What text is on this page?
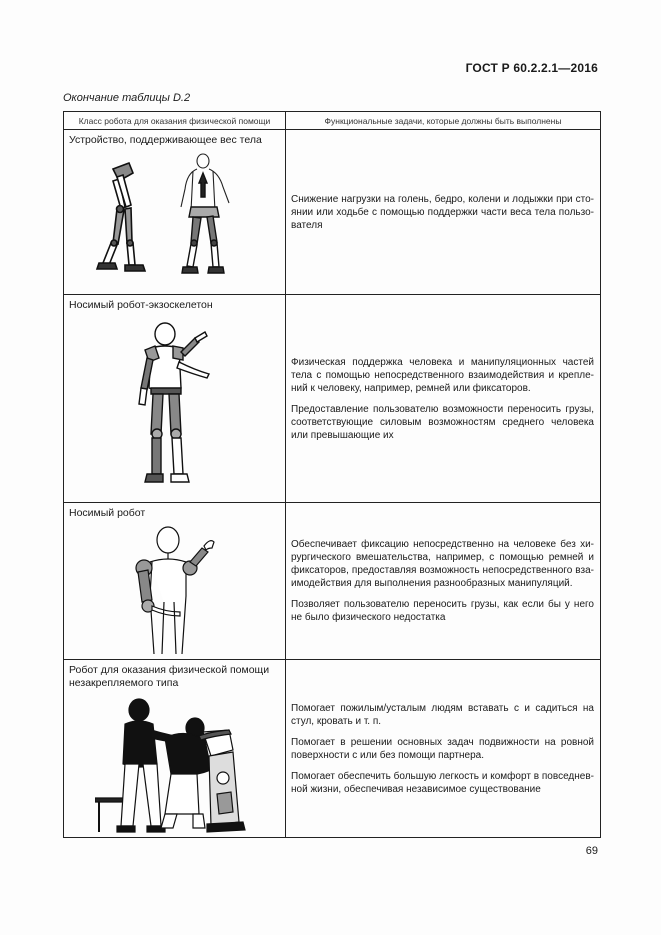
ГОСТ Р 60.2.2.1—2016
Окончание таблицы D.2
Класс робота для оказания физической помощи	Функциональные задачи, которые должны быть выполнены

Устройство, поддерживающее вес тела	Снижение нагрузки на голень, бедро, колени и лодыжки при стоянии или ходьбе с помощью поддержки части веса тела пользователя

Носимый робот-экзоскелетон	Физическая поддержка человека и манипуляционных частей тела с помощью непосредственного взаимодействия и креплений к человеку, например, ремней или фиксаторов.

Предоставление пользователю возможности переносить грузы, соответствующие силовым возможностям среднего человека или превышающие их

Носимый робот	Обеспечивает фиксацию непосредственно на человеке без хирургического вмешательства, например, с помощью ремней и фиксаторов, предоставляя возможность непосредственного взаимодействия для выполнения разнообразных манипуляций.

Позволяет пользователю переносить грузы, как если бы у него не было физического недостатка

Робот для оказания физической помощи незакрепляемого типа	Помогает пожилым/усталым людям вставать с и садиться на стул, кровать и т. п.

Помогает в решении основных задач подвижности на ровной поверхности с или без помощи партнера.

Помогает обеспечить большую легкость и комфорт в повседневной жизни, обеспечивая независимое существование

69
